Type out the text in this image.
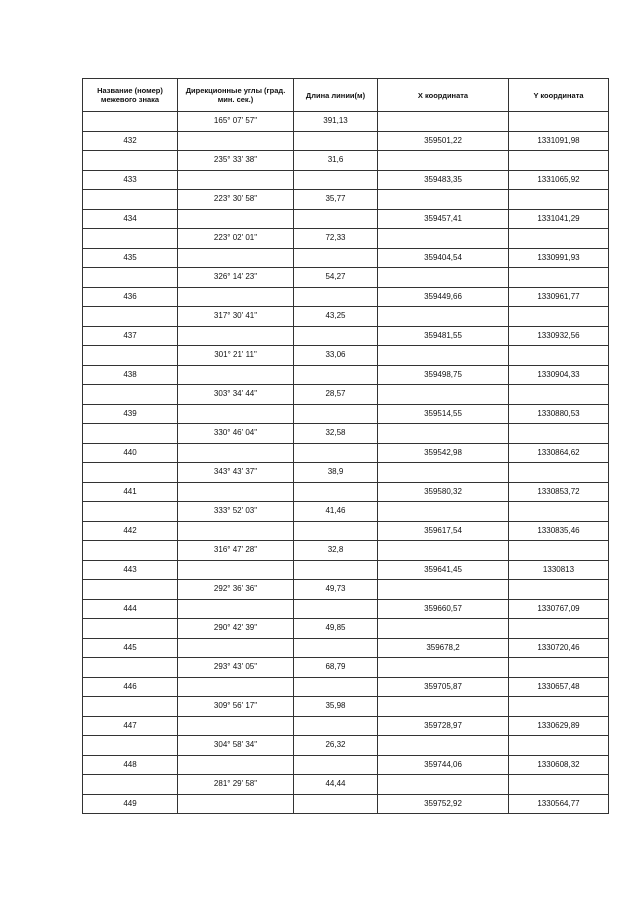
Название (номер) межевого знака	Дирекционные углы (град. мин. сек.)	Длина линии(м)	X координата	Y координата
	165° 07' 57"	391,13		
432			359501,22	1331091,98
	235° 33' 38"	31,6		
433			359483,35	1331065,92
	223° 30' 58"	35,77		
434			359457,41	1331041,29
	223° 02' 01"	72,33		
435			359404,54	1330991,93
	326° 14' 23"	54,27		
436			359449,66	1330961,77
	317° 30' 41"	43,25		
437			359481,55	1330932,56
	301° 21' 11"	33,06		
438			359498,75	1330904,33
	303° 34' 44"	28,57		
439			359514,55	1330880,53
	330° 46' 04"	32,58		
440			359542,98	1330864,62
	343° 43' 37"	38,9		
441			359580,32	1330853,72
	333° 52' 03"	41,46		
442			359617,54	1330835,46
	316° 47' 28"	32,8		
443			359641,45	1330813
	292° 36' 36"	49,73		
444			359660,57	1330767,09
	290° 42' 39"	49,85		
445			359678,2	1330720,46
	293° 43' 05"	68,79		
446			359705,87	1330657,48
	309° 56' 17"	35,98		
447			359728,97	1330629,89
	304° 58' 34"	26,32		
448			359744,06	1330608,32
	281° 29' 58"	44,44		
449			359752,92	1330564,77
